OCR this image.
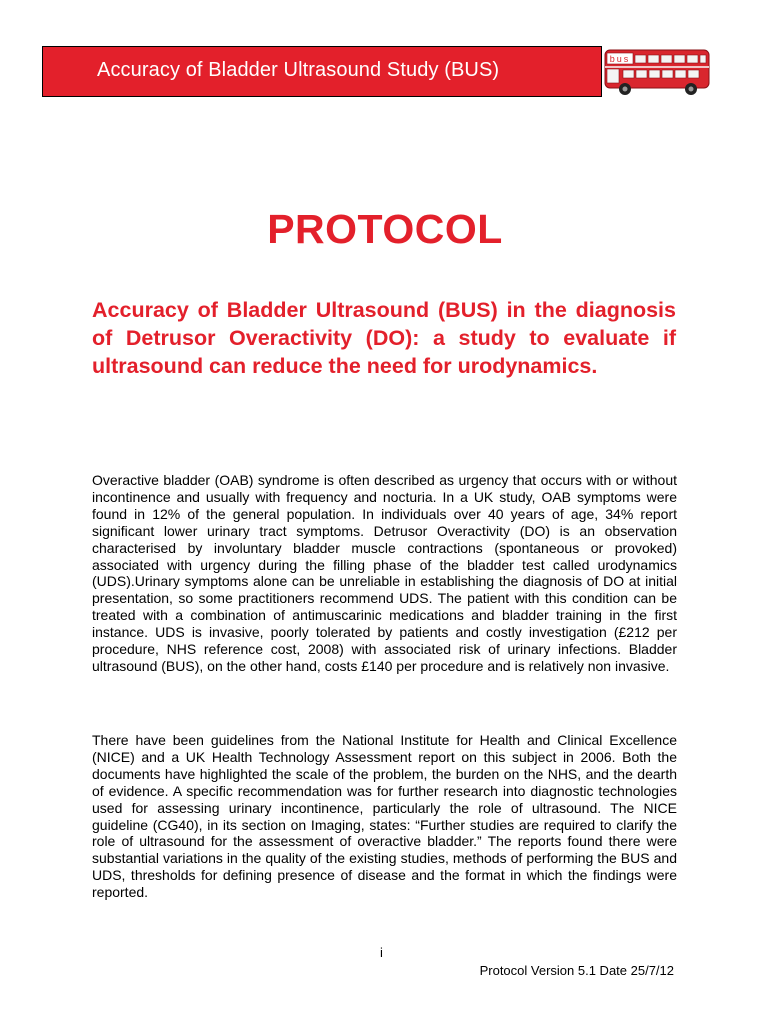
Accuracy of Bladder Ultrasound Study (BUS)	bus
PROTOCOL

Accuracy of Bladder Ultrasound (BUS) in the diagnosis of Detrusor Overactivity (DO): a study to evaluate if ultrasound can reduce the need for urodynamics.

Overactive bladder (OAB) syndrome is often described as urgency that occurs with or without incontinence and usually with frequency and nocturia. In a UK study, OAB symptoms were found in 12% of the general population. In individuals over 40 years of age, 34% report significant lower urinary tract symptoms. Detrusor Overactivity (DO) is an observation characterised by involuntary bladder muscle contractions (spontaneous or provoked) associated with urgency during the filling phase of the bladder test called urodynamics (UDS).Urinary symptoms alone can be unreliable in establishing the diagnosis of DO at initial presentation, so some practitioners recommend UDS. The patient with this condition can be treated with a combination of antimuscarinic medications and bladder training in the first instance. UDS is invasive, poorly tolerated by patients and costly investigation (£212 per procedure, NHS reference cost, 2008) with associated risk of urinary infections. Bladder ultrasound (BUS), on the other hand, costs £140 per procedure and is relatively non invasive.

There have been guidelines from the National Institute for Health and Clinical Excellence (NICE) and a UK Health Technology Assessment report on this subject in 2006. Both the documents have highlighted the scale of the problem, the burden on the NHS, and the dearth of evidence. A specific recommendation was for further research into diagnostic technologies used for assessing urinary incontinence, particularly the role of ultrasound. The NICE guideline (CG40), in its section on Imaging, states: “Further studies are required to clarify the role of ultrasound for the assessment of overactive bladder.” The reports found there were substantial variations in the quality of the existing studies, methods of performing the BUS and UDS, thresholds for defining presence of disease and the format in which the findings were reported.

i
Protocol Version 5.1 Date 25/7/12
